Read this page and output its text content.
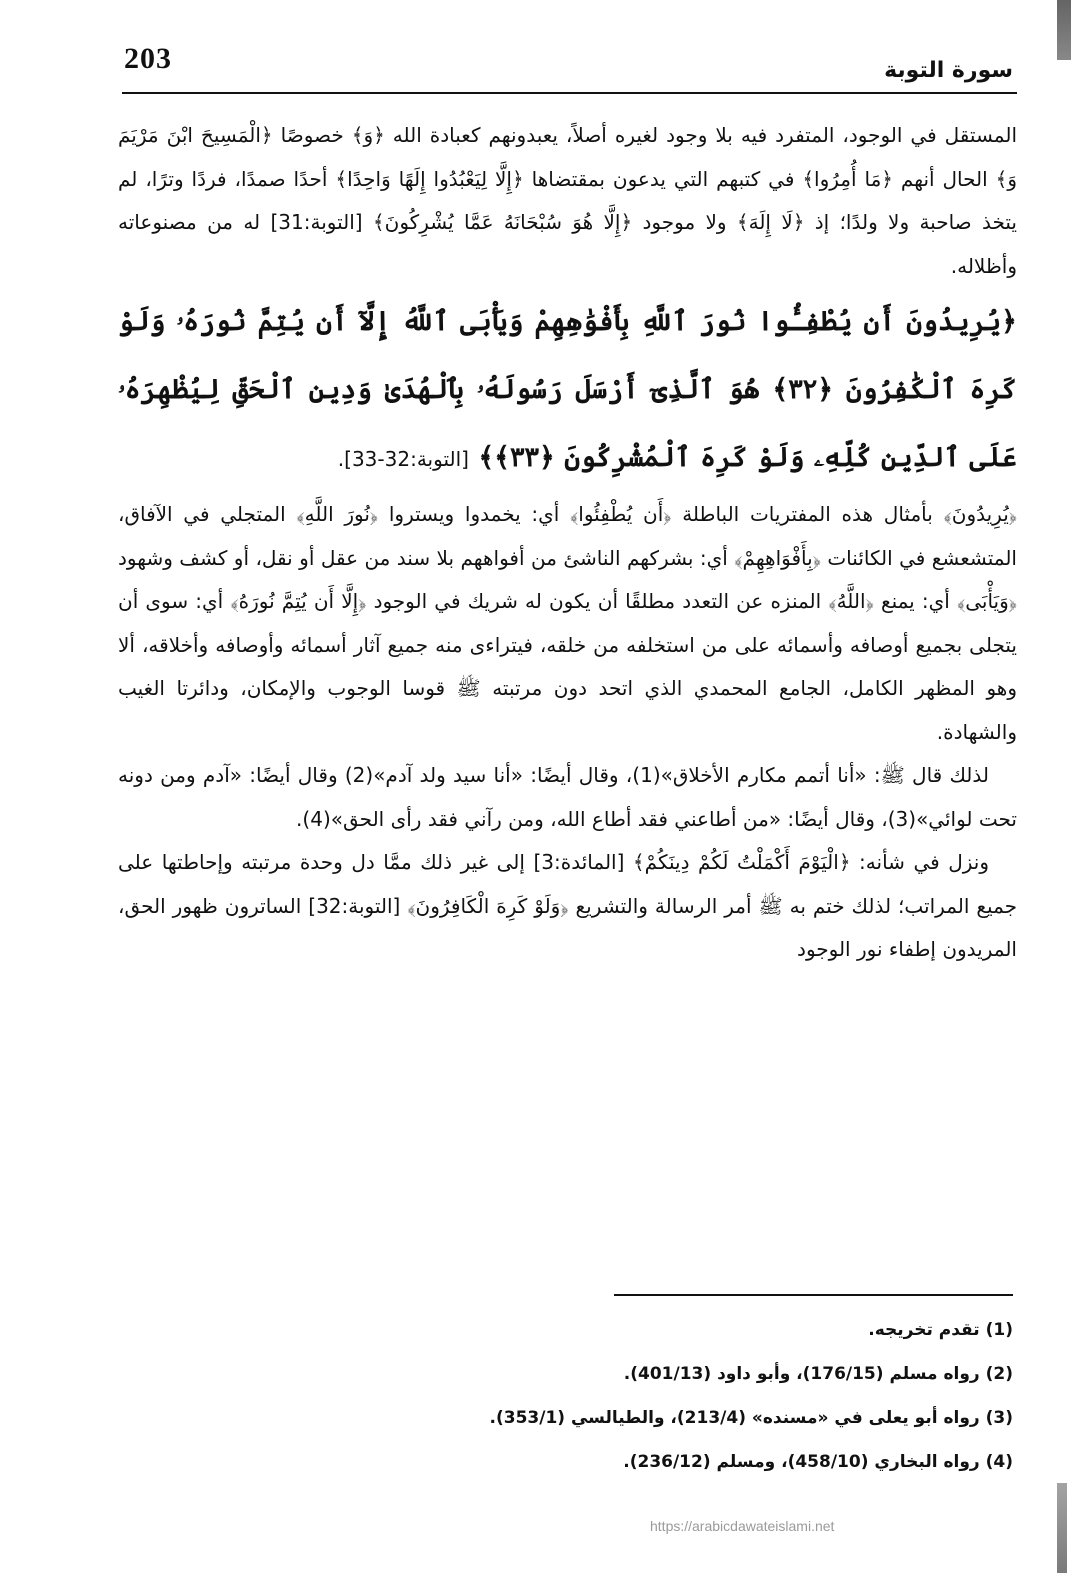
203	سورة التوبة

المستقل في الوجود، المتفرد فيه بلا وجود لغيره أصلاً، يعبدونهم كعبادة الله ﴿وَ﴾ خصوصًا ﴿الْمَسِيحَ ابْنَ مَرْيَمَ وَ﴾ الحال أنهم ﴿مَا أُمِرُوا﴾ في كتبهم التي يدعون بمقتضاها ﴿إِلَّا لِيَعْبُدُوا إِلَهًا وَاحِدًا﴾ أحدًا صمدًا، فردًا وترًا، لم يتخذ صاحبة ولا ولدًا؛ إذ ﴿لَا إِلَهَ﴾ ولا موجود ﴿إِلَّا هُوَ سُبْحَانَهُ عَمَّا يُشْرِكُونَ﴾ [التوبة:31] له من مصنوعاته وأظلاله.

﴿يُرِيدُونَ أَن يُطْفِـُٔوا نُورَ ٱللَّهِ بِأَفْوَٰهِهِمْ وَيَأْبَى ٱللَّهُ إِلَّآ أَن يُتِمَّ نُورَهُۥ وَلَوْ كَرِهَ ٱلْكَٰفِرُونَ ﴿٣٢﴾ هُوَ ٱلَّذِىٓ أَرْسَلَ رَسُولَهُۥ بِٱلْهُدَىٰ وَدِينِ ٱلْحَقِّ لِيُظْهِرَهُۥ عَلَى ٱلدِّينِ كُلِّهِۦ وَلَوْ كَرِهَ ٱلْمُشْرِكُونَ ﴿٣٣﴾﴾ [التوبة:32-33].

﴿يُرِيدُونَ﴾ بأمثال هذه المفتريات الباطلة ﴿أَن يُطْفِئُوا﴾ أي: يخمدوا ويستروا ﴿نُورَ اللَّهِ﴾ المتجلي في الآفاق، المتشعشع في الكائنات ﴿بِأَفْوَاهِهِمْ﴾ أي: بشركهم الناشئ من أفواههم بلا سند من عقل أو نقل، أو كشف وشهود ﴿وَيَأْبَى﴾ أي: يمنع ﴿اللَّهُ﴾ المنزه عن التعدد مطلقًا أن يكون له شريك في الوجود ﴿إِلَّا أَن يُتِمَّ نُورَهُ﴾ أي: سوى أن يتجلى بجميع أوصافه وأسمائه على من استخلفه من خلقه، فيتراءى منه جميع آثار أسمائه وأوصافه وأخلاقه، ألا وهو المظهر الكامل، الجامع المحمدي الذي اتحد دون مرتبته ﷺ قوسا الوجوب والإمكان، ودائرتا الغيب والشهادة.

لذلك قال ﷺ: «أنا أتمم مكارم الأخلاق»(1)، وقال أيضًا: «أنا سيد ولد آدم»(2) وقال أيضًا: «آدم ومن دونه تحت لوائي»(3)، وقال أيضًا: «من أطاعني فقد أطاع الله، ومن رآني فقد رأى الحق»(4).

ونزل في شأنه: ﴿الْيَوْمَ أَكْمَلْتُ لَكُمْ دِينَكُمْ﴾ [المائدة:3] إلى غير ذلك ممَّا دل وحدة مرتبته وإحاطتها على جميع المراتب؛ لذلك ختم به ﷺ أمر الرسالة والتشريع ﴿وَلَوْ كَرِهَ الْكَافِرُونَ﴾ [التوبة:32] الساترون ظهور الحق، المريدون إطفاء نور الوجود

(1) تقدم تخريجه.

(2) رواه مسلم (176/15)، وأبو داود (401/13).

(3) رواه أبو يعلى في «مسنده» (213/4)، والطيالسي (353/1).

(4) رواه البخاري (458/10)، ومسلم (236/12).

https://arabicdawateislami.net
